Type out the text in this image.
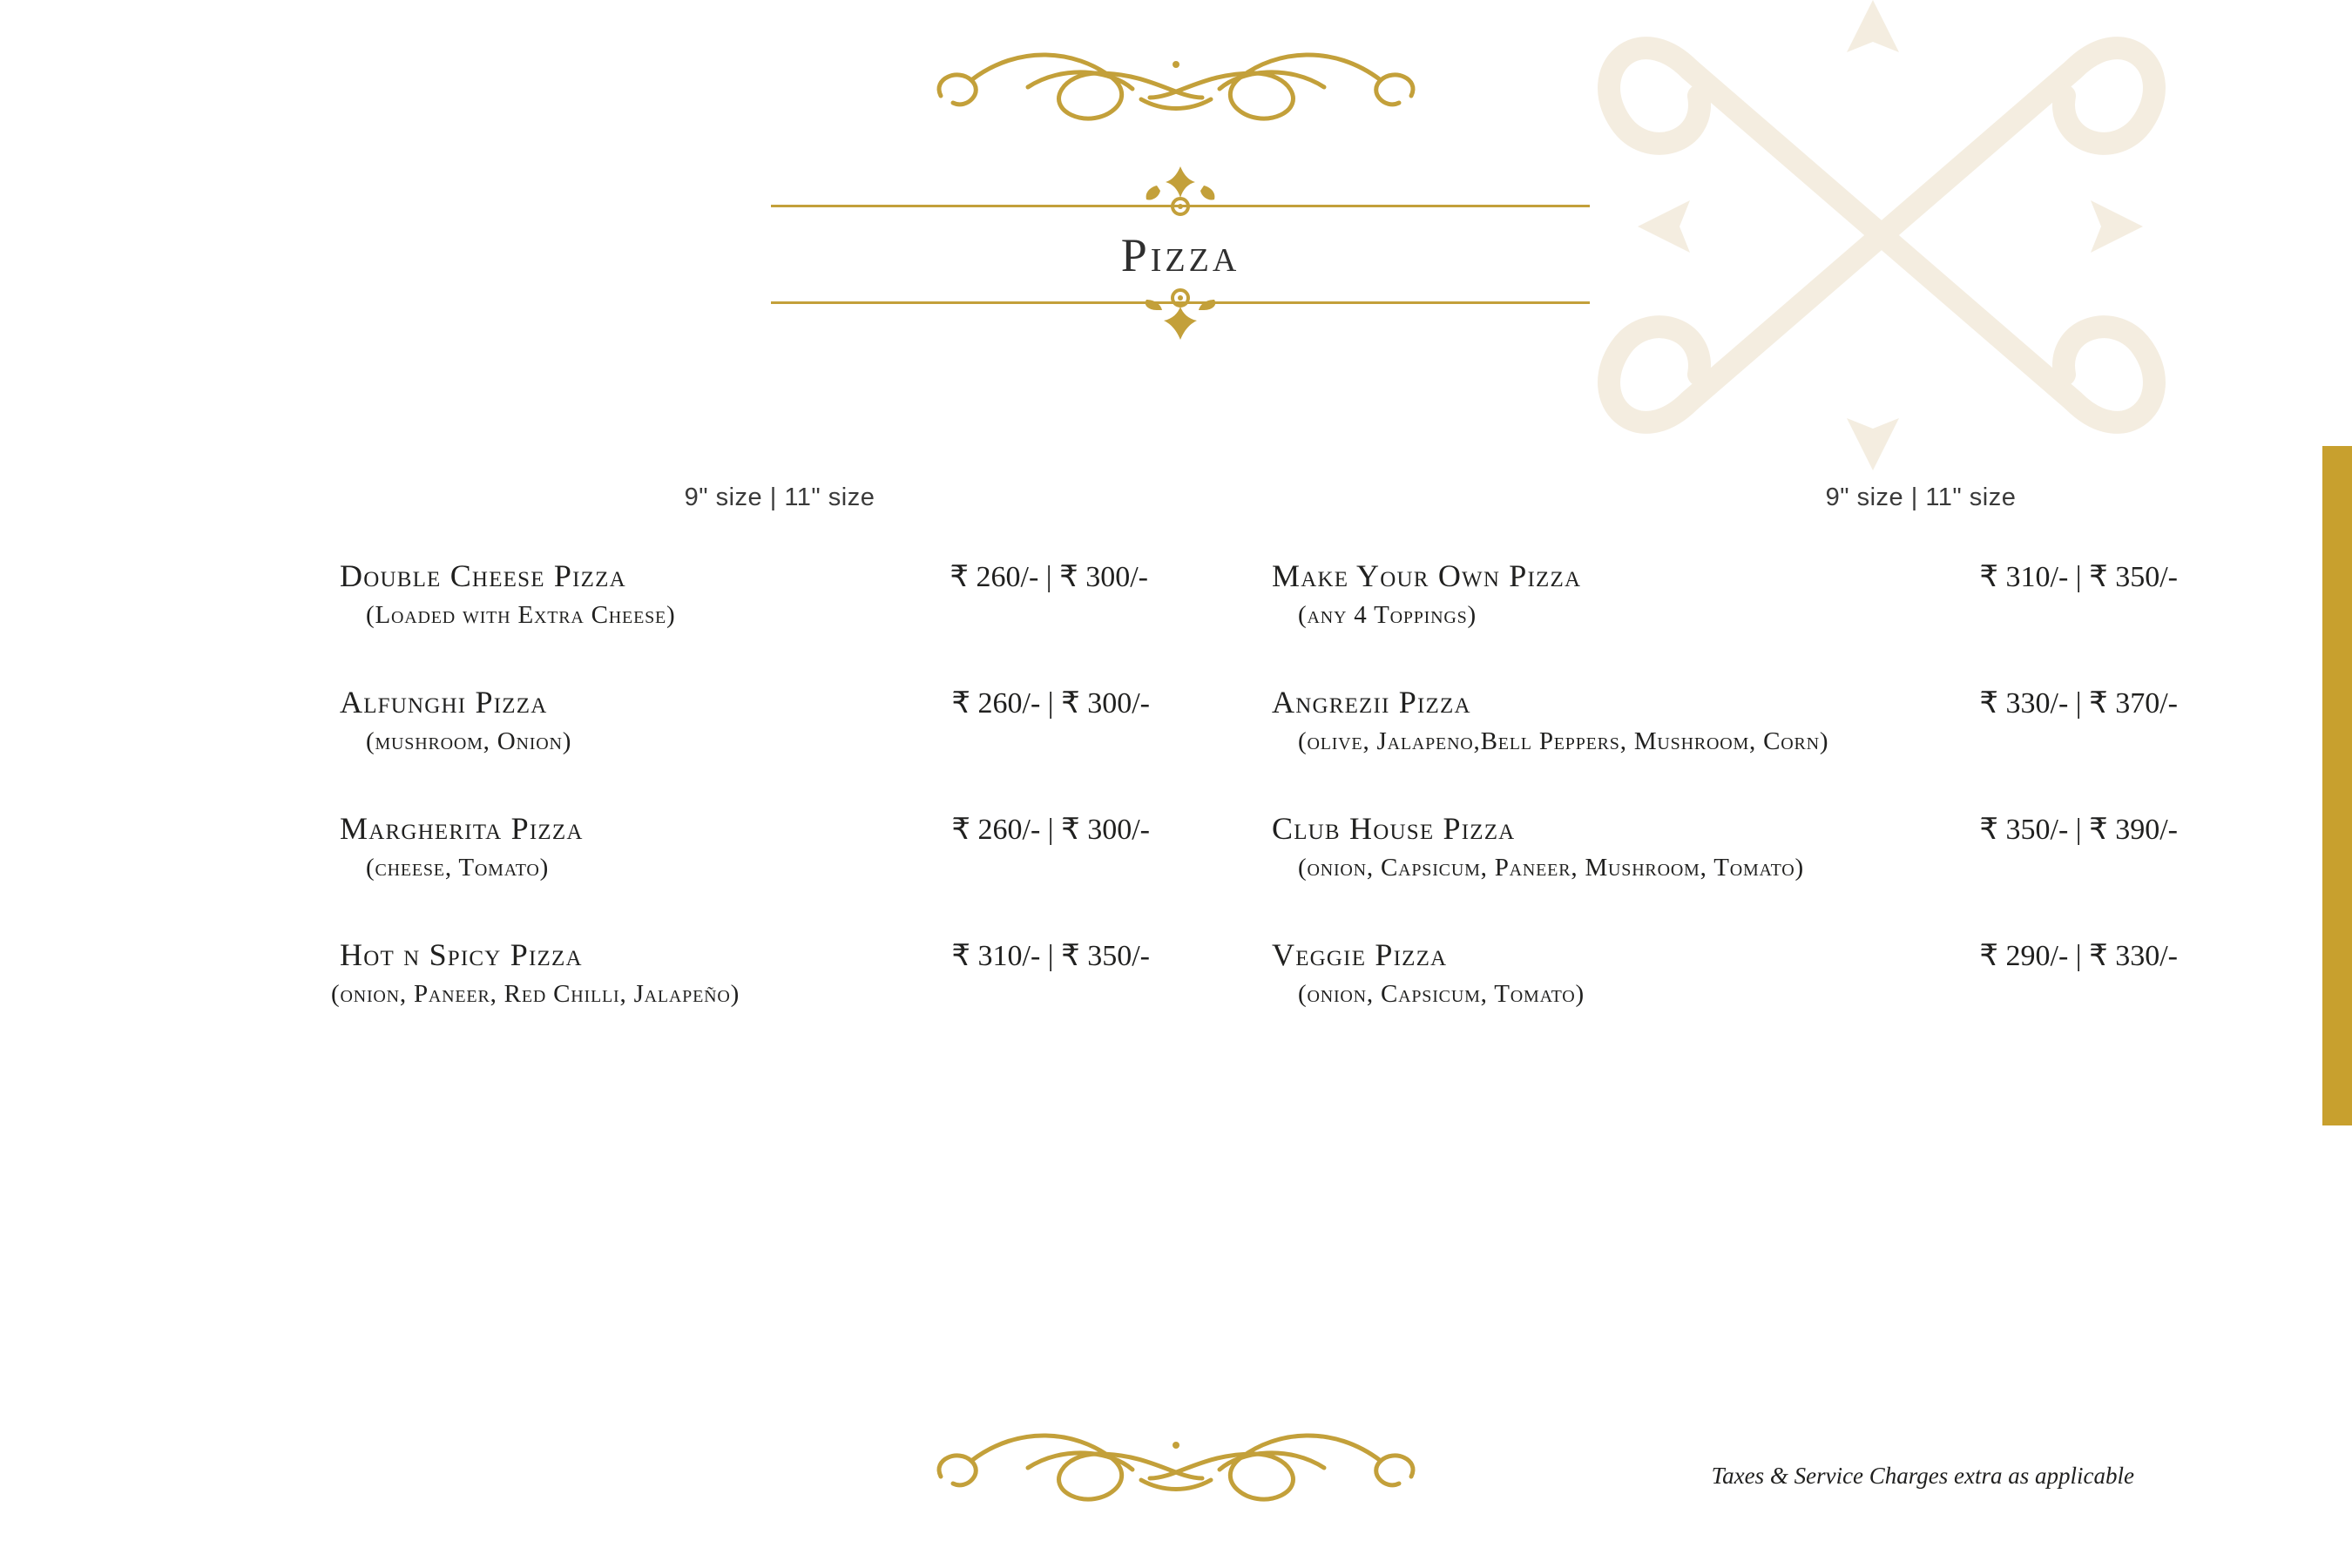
Pizza
9" size | 11" size
Double Cheese Pizza	₹ 260/- | ₹ 300/-
(Loaded with Extra Cheese)
Alfunghi Pizza	₹ 260/- | ₹ 300/-
(mushroom, Onion)
Margherita Pizza	₹ 260/- | ₹ 300/-
(cheese, Tomato)
Hot n Spicy Pizza	₹ 310/- | ₹ 350/-
(onion, Paneer, Red Chilli, Jalapeño)
9" size | 11" size
Make Your Own Pizza	₹ 310/- | ₹ 350/-
(any 4 Toppings)
Angrezii Pizza	₹ 330/- | ₹ 370/-
(olive, Jalapeno,Bell Peppers, Mushroom, Corn)
Club House Pizza	₹ 350/- | ₹ 390/-
(onion, Capsicum, Paneer, Mushroom, Tomato)
Veggie Pizza	₹ 290/- | ₹ 330/-
(onion, Capsicum, Tomato)
Taxes & Service Charges extra as applicable
